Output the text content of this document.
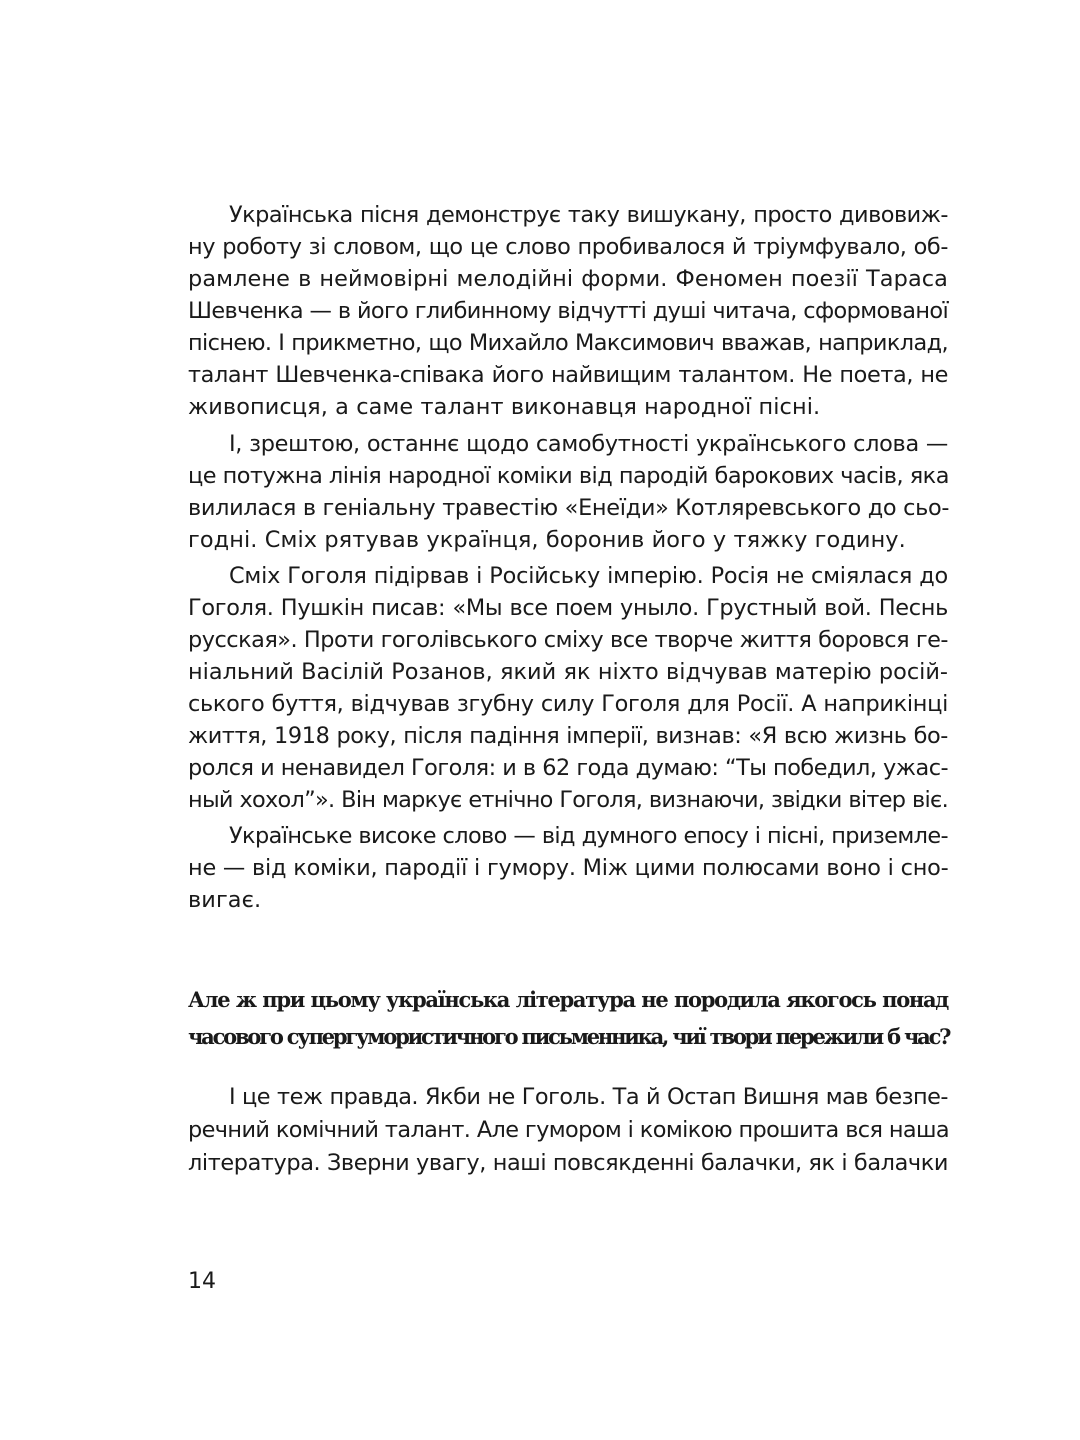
Українська пісня демонструє таку вишукану, просто дивовиж-

ну роботу зі словом, що це слово пробивалося й тріумфувало, об-

рамлене в неймовірні мелодійні форми. Феномен поезії Тараса

Шевченка — в його глибинному відчутті душі читача, сформованої

піснею. І прикметно, що Михайло Максимович вважав, наприклад,

талант Шевченка-співака його найвищим талантом. Не поета, не

живописця, а саме талант виконавця народної пісні.

І, зрештою, останнє щодо самобутності українського слова —

це потужна лінія народної коміки від пародій барокових часів, яка

вилилася в геніальну травестію «Енеїди» Котляревського до сьо-

годні. Сміх рятував українця, боронив його у тяжку годину.

Сміх Гоголя підірвав і Російську імперію. Росія не сміялася до

Гоголя. Пушкін писав: «Мы все поем уныло. Грустный вой. Песнь

русская». Проти гоголівського сміху все творче життя боровся ге-

ніальний Васілій Розанов, який як ніхто відчував матерію росій-

ського буття, відчував згубну силу Гоголя для Росії. А наприкінці

життя, 1918 року, після падіння імперії, визнав: «Я всю жизнь бо-

ролся и ненавидел Гоголя: и в 62 года думаю: “Ты победил, ужас-

ный хохол”». Він маркує етнічно Гоголя, визнаючи, звідки вітер віє.

Українське високе слово — від думного епосу і пісні, приземле-

не — від коміки, пародії і гумору. Між цими полюсами воно і сно-

вигає.

Але ж при цьому українська література не породила якогось понад

часового супергумористичного письменника, чиї твори пережили б час?

І це теж правда. Якби не Гоголь. Та й Остап Вишня мав безпе-

речний комічний талант. Але гумором і комікою прошита вся наша

література. Зверни увагу, наші повсякденні балачки, як і балачки

14
